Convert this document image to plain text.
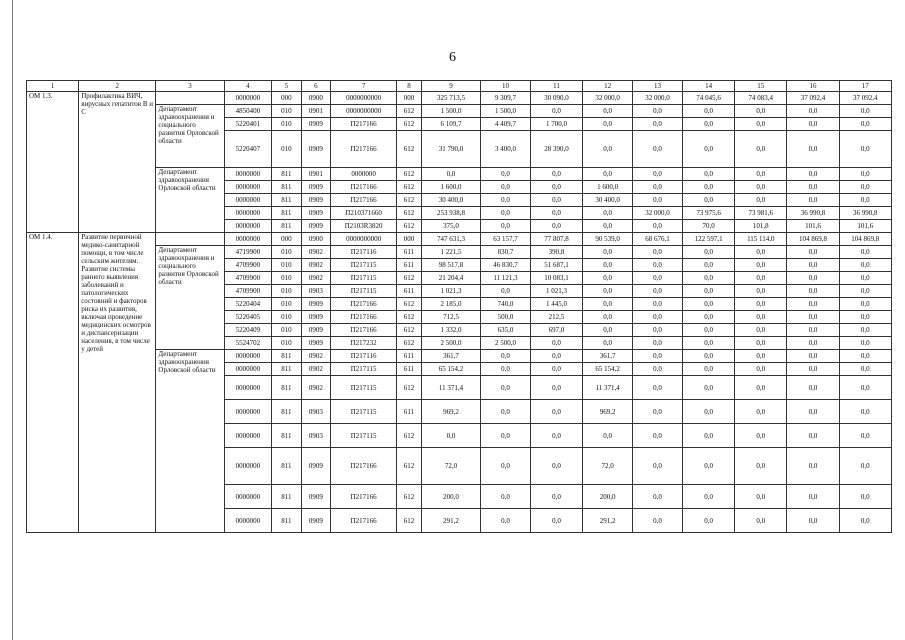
6
1	2	3	4	5	6	7	8	9	10	11	12	13	14	15	16	17
ОМ 1.3.	Профилактика ВИЧ, вирусных гепатитов В и С		0000000	000	0900	0000000000	000	325 713,5	9 309,7	30 090,0	32 000,0	32 000,0	74 045,6	74 083,4	37 092,4	37 092,4
		Департамент здравоохранения и социального развития Орловской области	4850400	010	0901	0000000000	612	1 500,0	1 500,0	0,0	0,0	0,0	0,0	0,0	0,0	0,0
			5220401	010	0909	П217166	612	6 109,7	4 409,7	1 700,0	0,0	0,0	0,0	0,0	0,0	0,0
			5220407	010	0909	П217166	612	31 790,0	3 400,0	28 390,0	0,0	0,0	0,0	0,0	0,0	0,0
		Департамент здравоохранения Орловской области	0000000	811	0901	0000000	612	0,0	0,0	0,0	0,0	0,0	0,0	0,0	0,0	0,0
			0000000	811	0909	П217166	612	1 600,0	0,0	0,0	1 600,0	0,0	0,0	0,0	0,0	0,0
			0000000	811	0909	П217166	612	30 400,0	0,0	0,0	30 400,0	0,0	0,0	0,0	0,0	0,0
			0000000	811	0909	П210371660	612	253 938,8	0,0	0,0	0,0	32 000,0	73 975,6	73 981,6	36 990,8	36 990,8
			0000000	811	0909	П2103R3820	612	375,0	0,0	0,0	0,0	0,0	70,0	101,8	101,6	101,6
ОМ 1.4.	Развитие первичной медико-санитарной помощи, в том числе сельским жителям. Развитие системы раннего выявления заболеваний и патологических состояний и факторов риска их развития, включая проведение медицинских осмотров и диспансеризации населения, в том числе у детей		0000000	000	0900	0000000000	000	747 631,3	63 157,7	77 807,8	90 539,0	68 676,1	122 597,1	115 114,0	104 869,8	104 869,8
		Департамент здравоохранения и социального развития Орловской области	4719900	010	0902	П217116	611	1 221,5	830,7	390,8	0,0	0,0	0,0	0,0	0,0	0,0
			4709900	010	0902	П217115	611	98 517,8	46 830,7	51 687,1	0,0	0,0	0,0	0,0	0,0	0,0
			4709900	010	0902	П217115	612	21 204,4	11 121,3	10 083,1	0,0	0,0	0,0	0,0	0,0	0,0
			4709900	010	0903	П217115	611	1 021,3	0,0	1 021,3	0,0	0,0	0,0	0,0	0,0	0,0
			5220404	010	0909	П217166	612	2 185,0	740,0	1 445,0	0,0	0,0	0,0	0,0	0,0	0,0
			5220405	010	0909	П217166	612	712,5	500,0	212,5	0,0	0,0	0,0	0,0	0,0	0,0
			5220409	010	0909	П217166	612	1 332,0	635,0	697,0	0,0	0,0	0,0	0,0	0,0	0,0
			5524702	010	0909	П217232	612	2 500,0	2 500,0	0,0	0,0	0,0	0,0	0,0	0,0	0,0
		Департамент здравоохранения Орловской области	0000000	811	0902	П217116	611	361,7	0,0	0,0	361,7	0,0	0,0	0,0	0,0	0,0
			0000000	811	0902	П217115	611	65 154,2	0,0	0,0	65 154,2	0,0	0,0	0,0	0,0	0,0
			0000000	811	0902	П217115	612	11 371,4	0,0	0,0	11 371,4	0,0	0,0	0,0	0,0	0,0
			0000000	811	0903	П217115	611	969,2	0,0	0,0	969,2	0,0	0,0	0,0	0,0	0,0
			0000000	811	0903	П217115	612	0,0	0,0	0,0	0,0	0,0	0,0	0,0	0,0	0,0
			0000000	811	0909	П217166	612	72,0	0,0	0,0	72,0	0,0	0,0	0,0	0,0	0,0
			0000000	811	0909	П217166	612	200,0	0,0	0,0	200,0	0,0	0,0	0,0	0,0	0,0
			0000000	811	0909	П217166	612	291,2	0,0	0,0	291,2	0,0	0,0	0,0	0,0	0,0
